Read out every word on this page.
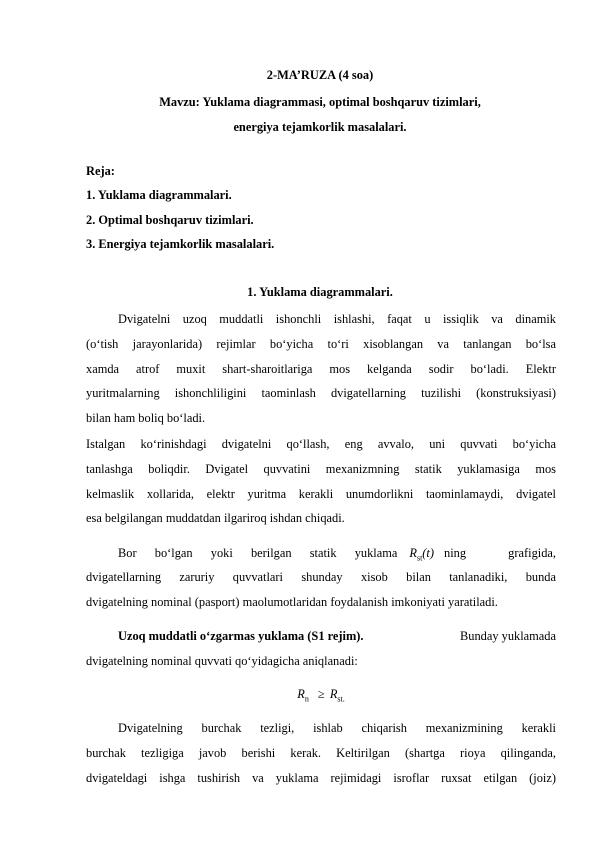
2-MA’RUZA (4 soa)
Mavzu: Yuklama diagrammasi, optimal boshqaruv tizimlari,
energiya tejamkorlik masalalari.
Reja:
1. Yuklama diagrammalari.
2. Optimal boshqaruv tizimlari.
3. Energiya tejamkorlik masalalari.
1. Yuklama diagrammalari.
Dvigatelni uzoq muddatli ishonchli ishlashi, faqat u issiqlik va dinamik
(o‘tish jarayonlarida) rejimlar bo‘yicha to‘ri xisoblangan va tanlangan bo‘lsa
xamda atrof muxit shart-sharoitlariga mos kelganda sodir bo‘ladi. Elektr
yuritmalarning ishonchliligini taominlash dvigatellarning tuzilishi (konstruksiyasi)
bilan ham boliq bo‘ladi.
Istalgan ko‘rinishdagi dvigatelni qo‘llash, eng avvalo, uni quvvati bo‘yicha
tanlashga boliqdir. Dvigatel quvvatini mexanizmning statik yuklamasiga mos
kelmaslik xollarida, elektr yuritma kerakli unumdorlikni taominlamaydi, dvigatel
esa belgilangan muddatdan ilgariroq ishdan chiqadi.
Bor bo‘lgan yoki berilgan statik yuklama $R_{st}(t)$ ning grafigida,
dvigatellarning zaruriy quvvatlari shunday xisob bilan tanlanadiki, bunda
dvigatelning nominal (pasport) maolumotlaridan foydalanish imkoniyati yaratiladi.
Uzoq muddatli o‘zgarmas yuklama (S1 rejim).	Bunday yuklamada
dvigatelning nominal quvvati qo‘yidagicha aniqlanadi:
$R_n \ge R_{st.}$
Dvigatelning burchak tezligi, ishlab chiqarish mexanizmining kerakli
burchak tezligiga javob berishi kerak. Keltirilgan (shartga rioya qilinganda,
dvigateldagi ishga tushirish va yuklama rejimidagi isroflar ruxsat etilgan (joiz)
